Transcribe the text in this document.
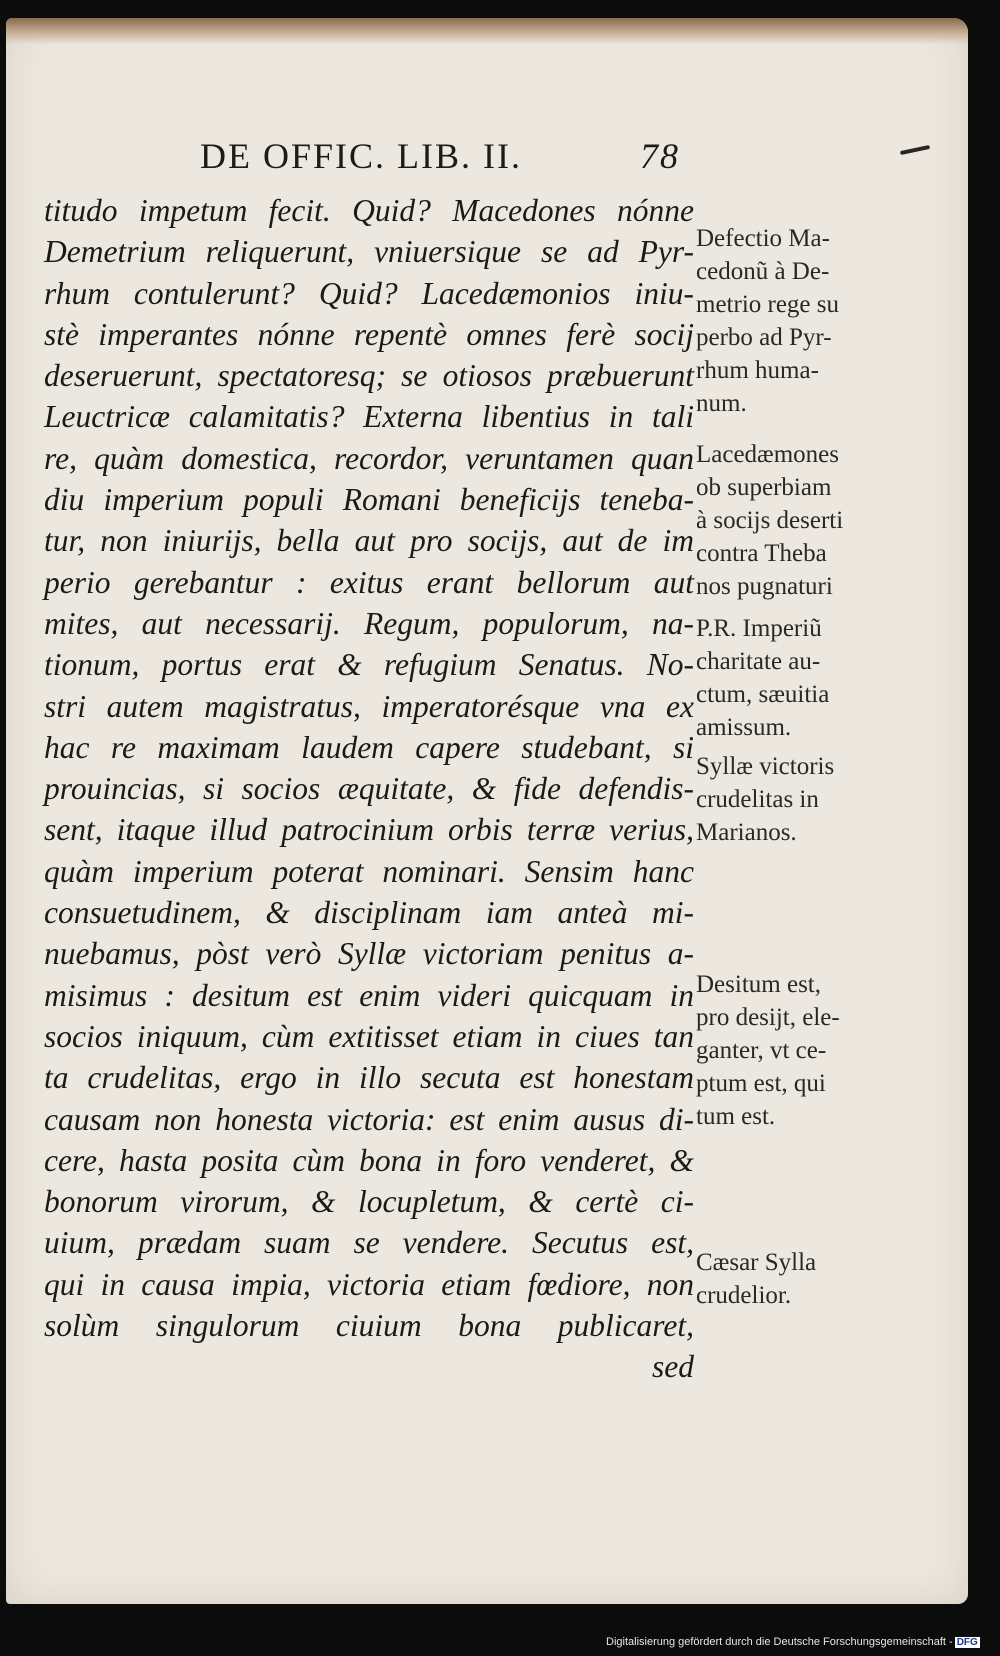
DE OFFIC. LIB. II.	78
titudo impetum fecit. Quid? Macedones nónne
Demetrium reliquerunt, vniuersique se ad Pyr-
rhum contulerunt? Quid? Lacedæmonios iniu-
stè imperantes nónne repentè omnes ferè socij
deseruerunt, spectatoresq; se otiosos præbuerunt
Leuctricæ calamitatis? Externa libentius in tali
re, quàm domestica, recordor, veruntamen quan
diu imperium populi Romani beneficijs teneba-
tur, non iniurijs, bella aut pro socijs, aut de im
perio gerebantur : exitus erant bellorum aut
mites, aut necessarij. Regum, populorum, na-
tionum, portus erat & refugium Senatus. No-
stri autem magistratus, imperatorésque vna ex
hac re maximam laudem capere studebant, si
prouincias, si socios æquitate, & fide defendis-
sent, itaque illud patrocinium orbis terræ verius,
quàm imperium poterat nominari. Sensim hanc
consuetudinem, & disciplinam iam anteà mi-
nuebamus, pòst verò Syllæ victoriam penitus a-
misimus : desitum est enim videri quicquam in
socios iniquum, cùm extitisset etiam in ciues tan
ta crudelitas, ergo in illo secuta est honestam
causam non honesta victoria: est enim ausus di-
cere, hasta posita cùm bona in foro venderet, &
bonorum virorum, & locupletum, & certè ci-
uium, prædam suam se vendere. Secutus est,
qui in causa impia, victoria etiam fœdiore, non
solùm singulorum ciuium bona publicaret,
sed
Defectio Ma-
cedonũ à De-
metrio rege su
perbo ad Pyr-
rhum huma-
num.
Lacedæmones
ob superbiam
à socijs deserti
contra Theba
nos pugnaturi
P.R. Imperiũ
charitate au-
ctum, sæuitia
amissum.
Syllæ victoris
crudelitas in
Marianos.
Desitum est,
pro desijt, ele-
ganter, vt ce-
ptum est, qui
tum est.
Cæsar Sylla
crudelior.
Digitalisierung gefördert durch die Deutsche Forschungsgemeinschaft - DFG
